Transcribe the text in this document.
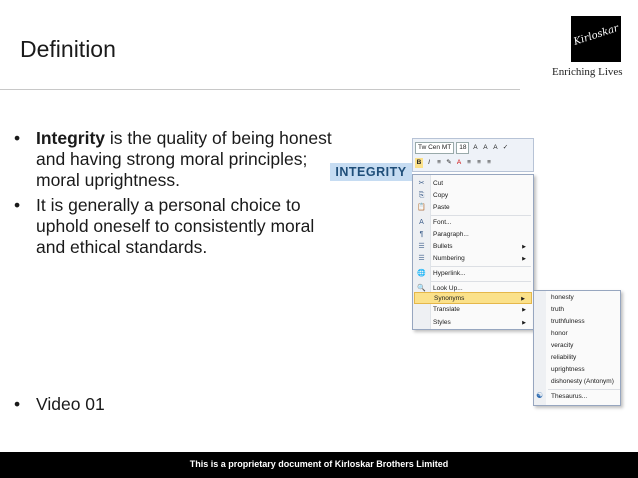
Definition
Kirloskar
Enriching Lives
• Integrity is the quality of being honest and having strong moral principles; moral uprightness.
• It is generally a personal choice to uphold oneself to consistently moral and ethical standards.
• Video 01
INTEGRITY
Tw Cen MT	18	A A A ✓
B	I	≡ ✎ A ≡ ≡ ≡
✂	Cut
⎘	Copy
📋 Paste
A	Font...
¶	Paragraph...
☰	Bullets	▶
☰	Numbering	▶
🌐 Hyperlink...
🔍 Look Up...
Synonyms	▶
Translate	▶
Styles	▶
honesty
truth
truthfulness
honor
veracity
reliability
uprightness
dishonesty (Antonym)
☯ Thesaurus...
This is a proprietary document of Kirloskar Brothers Limited
